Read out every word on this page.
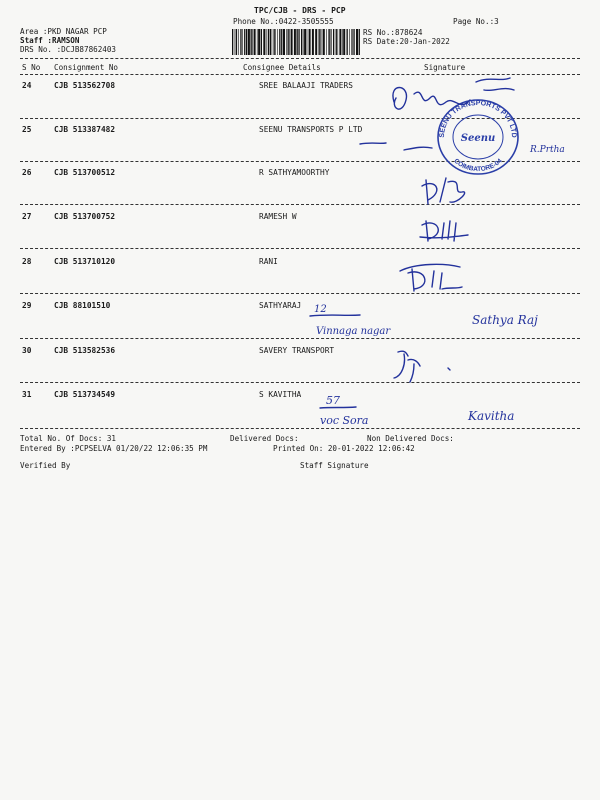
TPC/CJB - DRS - PCP
Phone No.:0422-3505555	Page No.:3
Area :PKD NAGAR PCP
Staff :RAMSON
DRS No. :DCJB87862403
RS No.:878624
RS Date:20-Jan-2022
S No Consignment No	Consignee Details	Signature
24	CJB 513562708	SREE BALAAJI TRADERS
25	CJB 513387482	SEENU TRANSPORTS P LTD
26	CJB 513700512	R SATHYAMOORTHY
27	CJB 513700752	RAMESH W
28	CJB 513710120	RANI
29	CJB 88101510	SATHYARAJ
30	CJB 513582536	SAVERY TRANSPORT
31	CJB 513734549	S KAVITHA
Total No. Of Docs: 31	Delivered Docs:	Non Delivered Docs:
Entered By :PCPSELVA 01/20/22 12:06:35 PM	Printed On: 20-01-2022 12:06:42
Verified By	Staff Signature
SEENU TRANSPORTS PVT LTD
COIMBATORE-04
Seenu
R.Prtha
12
Vinnaga nagar
Sathya Raj
57
voc Sora	Kavitha
